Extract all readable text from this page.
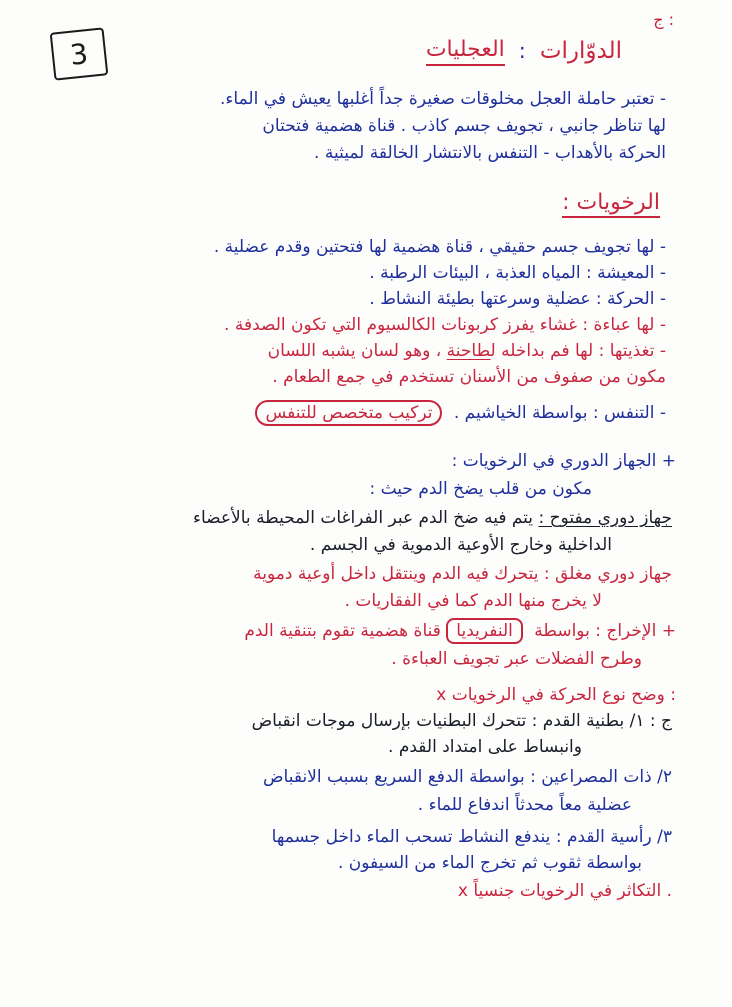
3
ج :
الدوّارات
:
العجليات
- تعتبر حاملة العجل مخلوقات صغيرة جداً أغلبها يعيش في الماء.
لها تناظر جانبي ، تجويف جسم كاذب . قناة هضمية فتحتان
الحركة بالأهداب - التنفس بالانتشار الخالقة لميثية .
الرخويات :
- لها تجويف جسم حقيقي ، قناة هضمية لها فتحتين وقدم عضلية .
- المعيشة : المياه العذبة ، البيئات الرطبة .
- الحركة : عضلية وسرعتها بطيئة النشاط .
- لها عباءة : غشاء يفرز كربونات الكالسيوم التي تكون الصدفة .
- تغذيتها : لها فم بداخله لطاحنة ، وهو لسان يشبه اللسان
مكون من صفوف من الأسنان تستخدم في جمع الطعام .
- التنفس : بواسطة الخياشيم . تركيب متخصص للتنفس
+ الجهاز الدوري في الرخويات :
مكون من قلب يضخ الدم حيث :
جهاز دوري مفتوح : يتم فيه ضخ الدم عبر الفراغات المحيطة بالأعضاء
الداخلية وخارج الأوعية الدموية في الجسم .
جهاز دوري مغلق : يتحرك فيه الدم وينتقل داخل أوعية دموية
لا يخرج منها الدم كما في الفقاريات .
+ الإخراج : بواسطة النفريديا قناة هضمية تقوم بتنقية الدم
وطرح الفضلات عبر تجويف العباءة .
x وضح نوع الحركة في الرخويات :
ج : ١/ بطنية القدم : تتحرك البطنيات بإرسال موجات انقباض
وانبساط على امتداد القدم .
٢/ ذات المصراعين : بواسطة الدفع السريع بسبب الانقباض
عضلية معاً محدثاً اندفاع للماء .
٣/ رأسية القدم : يندفع النشاط تسحب الماء داخل جسمها
بواسطة ثقوب ثم تخرج الماء من السيفون .
x التكاثر في الرخويات جنسياً .
